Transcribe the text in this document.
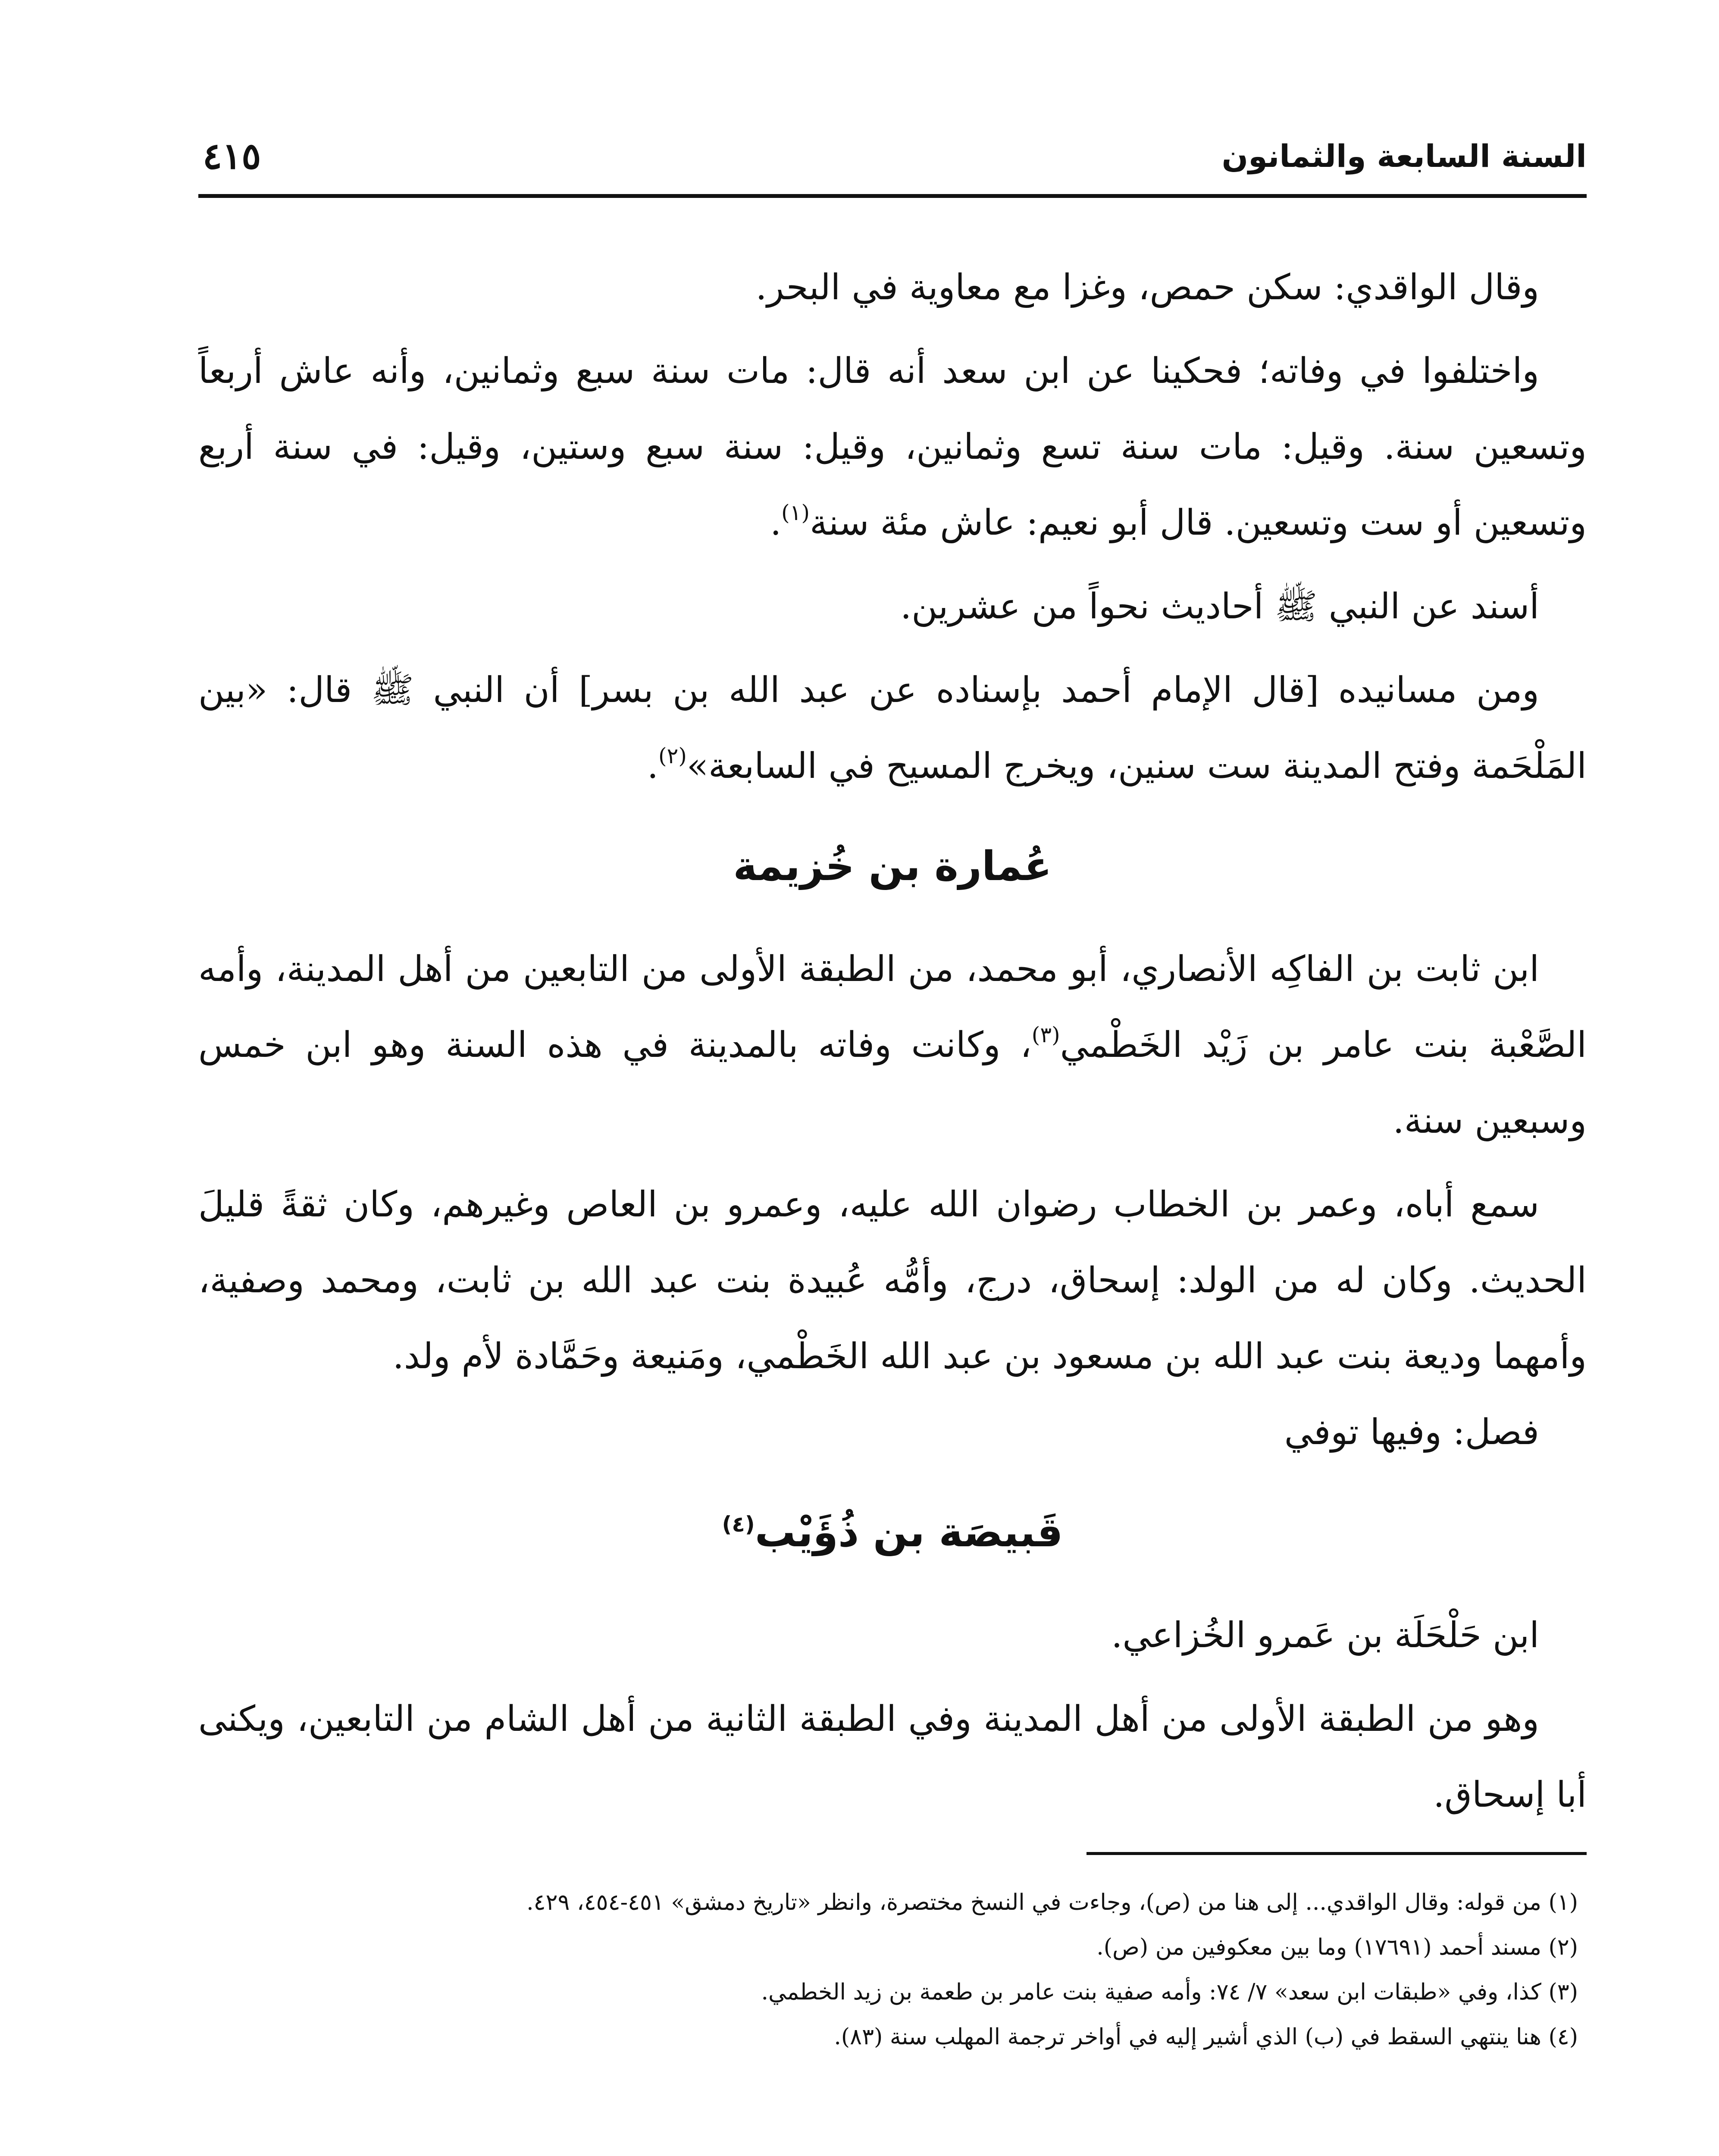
السنة السابعة والثمانون
٤١٥

وقال الواقدي: سكن حمص، وغزا مع معاوية في البحر.

واختلفوا في وفاته؛ فحكينا عن ابن سعد أنه قال: مات سنة سبع وثمانين، وأنه عاش أربعاً وتسعين سنة. وقيل: مات سنة تسع وثمانين، وقيل: سنة سبع وستين، وقيل: في سنة أربع وتسعين أو ست وتسعين. قال أبو نعيم: عاش مئة سنة$^{(١)}$.

أسند عن النبي ﷺ أحاديث نحواً من عشرين.

ومن مسانيده [قال الإمام أحمد بإسناده عن عبد الله بن بسر] أن النبي ﷺ قال: «بين المَلْحَمة وفتح المدينة ست سنين، ويخرج المسيح في السابعة»$^{(٢)}$.

عُمارة بن خُزيمة

ابن ثابت بن الفاكِه الأنصاري، أبو محمد، من الطبقة الأولى من التابعين من أهل المدينة، وأمه الصَّعْبة بنت عامر بن زَيْد الخَطْمي$^{(٣)}$، وكانت وفاته بالمدينة في هذه السنة وهو ابن خمس وسبعين سنة.

سمع أباه، وعمر بن الخطاب رضوان الله عليه، وعمرو بن العاص وغيرهم، وكان ثقةً قليلَ الحديث. وكان له من الولد: إسحاق، درج، وأمُّه عُبيدة بنت عبد الله بن ثابت، ومحمد وصفية، وأمهما وديعة بنت عبد الله بن مسعود بن عبد الله الخَطْمي، ومَنيعة وحَمَّادة لأم ولد.

فصل: وفيها توفي

قَبيصَة بن ذُؤَيْب$^{(٤)}$

ابن حَلْحَلَة بن عَمرو الخُزاعي.

وهو من الطبقة الأولى من أهل المدينة وفي الطبقة الثانية من أهل الشام من التابعين، ويكنى أبا إسحاق.

(١) من قوله: وقال الواقدي... إلى هنا من (ص)، وجاءت في النسخ مختصرة، وانظر «تاريخ دمشق» ٤٥١-٤٥٤، ٤٢٩.

(٢) مسند أحمد (١٧٦٩١) وما بين معكوفين من (ص).

(٣) كذا، وفي «طبقات ابن سعد» ٧/ ٧٤: وأمه صفية بنت عامر بن طعمة بن زيد الخطمي.

(٤) هنا ينتهي السقط في (ب) الذي أشير إليه في أواخر ترجمة المهلب سنة (٨٣).
